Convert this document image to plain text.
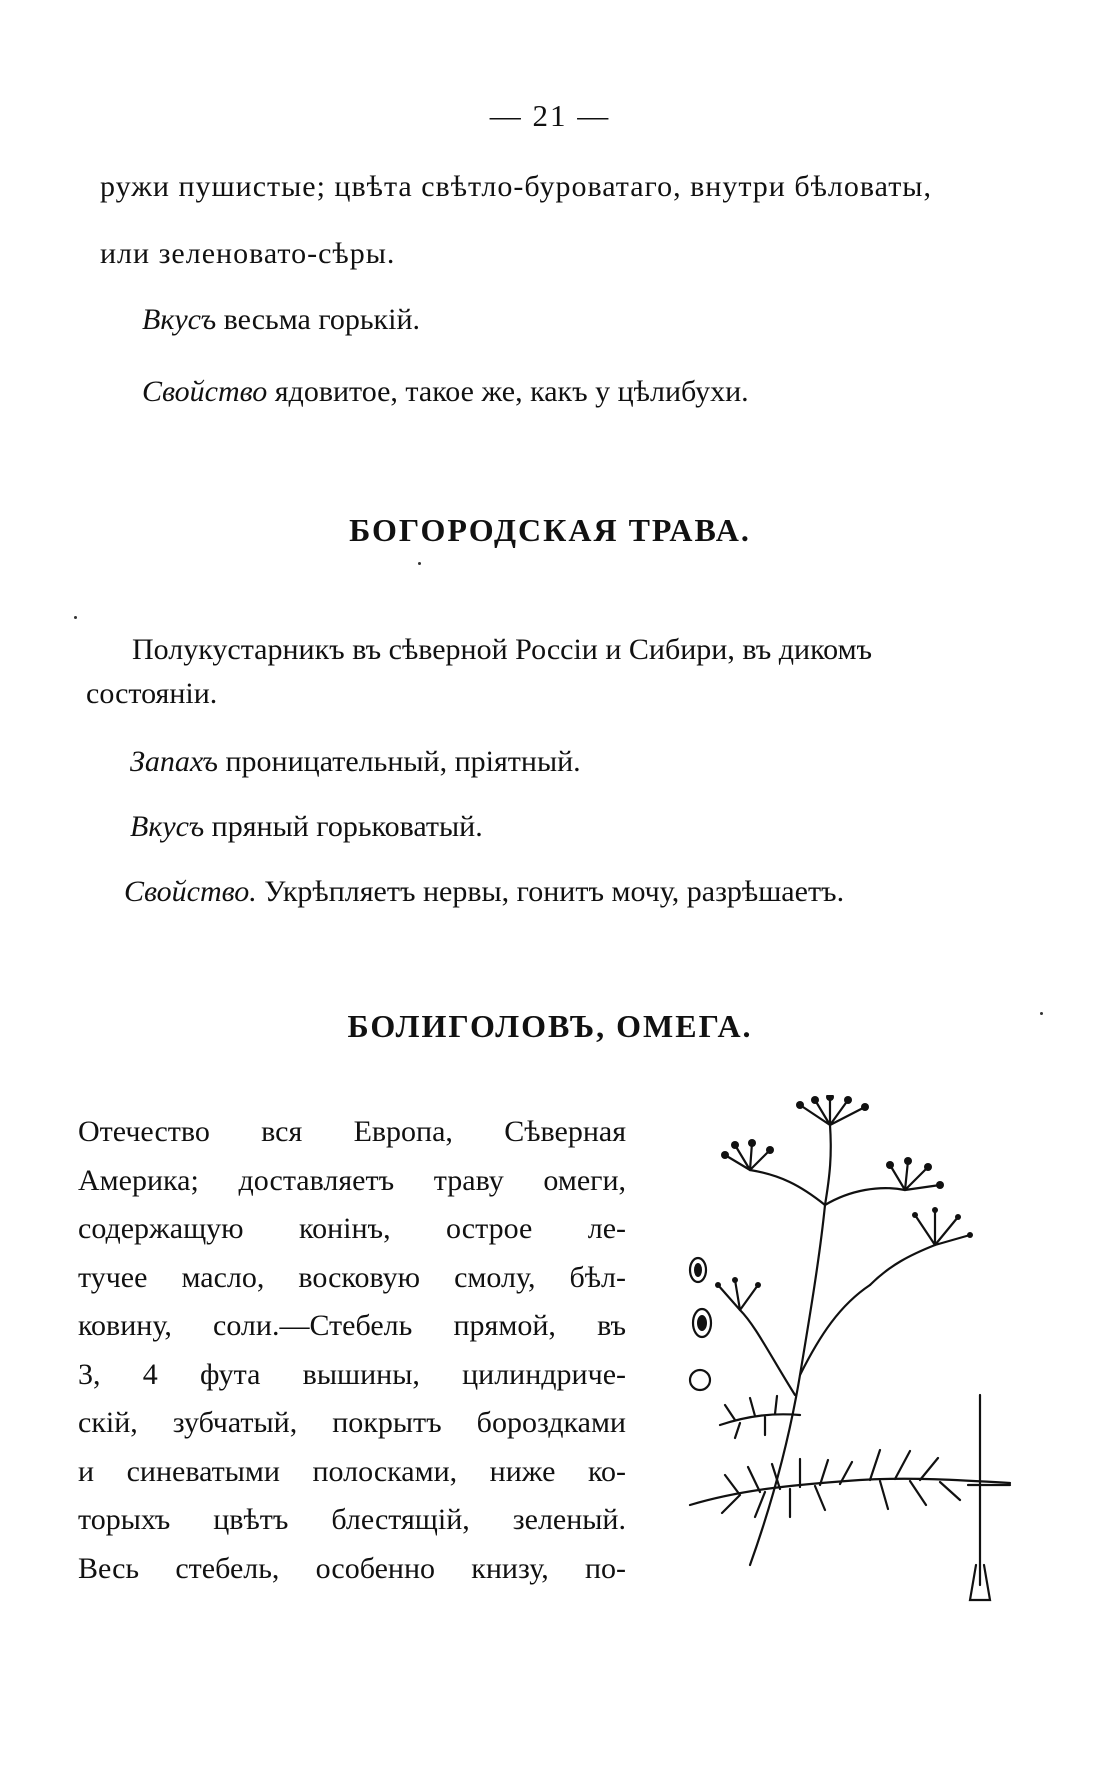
— 21 —

ружи пушистые; цвѣта свѣтло-буроватаго, внутри бѣловаты,

или зеленовато-сѣры.

Вкусъ весьма горькій.

Свойство ядовитое, такое же, какъ у цѣлибухи.

БОГОРОДСКАЯ ТРАВА.

Полукустарникъ въ сѣверной Россіи и Сибири, въ дикомъ

состояніи.

Запахъ проницательный, пріятный.

Вкусъ пряный горьковатый.

Свойство. Укрѣпляетъ нервы, гонитъ мочу, разрѣшаетъ.

БОЛИГОЛОВЪ, ОМЕГА.
Отечество вся Европа, Сѣверная
Америка; доставляетъ траву омеги,
содержащую конінъ, острое ле-
тучее масло, восковую смолу, бѣл-
ковину, соли.—Стебель прямой, въ
3, 4 фута вышины, цилиндриче-
скій, зубчатый, покрытъ бороздками
и синеватыми полосками, ниже ко-
торыхъ цвѣтъ блестящій, зеленый.
Весь стебель, особенно книзу, по-
